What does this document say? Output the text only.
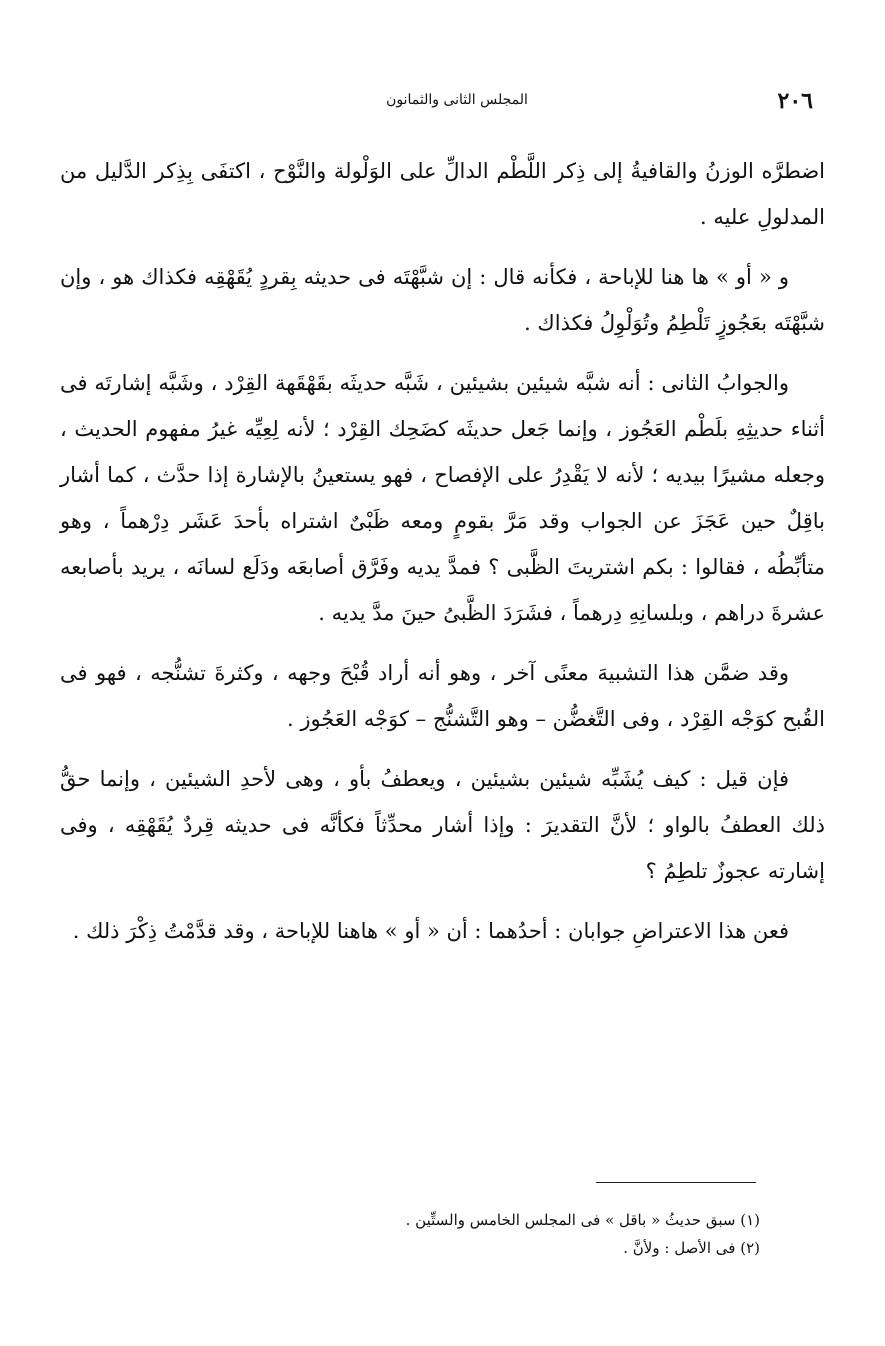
المجلس الثانى والثمانون	٢٠٦

اضطرَّه الوزنُ والقافيةُ إلى ذِكر اللَّطْم الدالِّ على الوَلْولة والنَّوْح ، اكتفَى بِذِكر الدَّليل من المدلولِ عليه .

و « أو » ها هنا للإباحة ، فكأنه قال : إن شبَّهْتَه فى حديثه بِقردٍ يُقَهْقِه فكذاك هو ، وإن شبَّهْتَه بعَجُوزٍ تَلْطِمُ وتُوَلْوِلُ فكذاك .

والجوابُ الثانى : أنه شبَّه شيئين بشيئين ، شَبَّه حديثَه بقَهْقَهة القِرْد ، وشَبَّه إشارتَه فى أثناء حديثِهِ بلَطْم العَجُوز ، وإنما جَعل حديثَه كضَحِك القِرْد ؛ لأنه لِعِيِّه غيرُ مفهوم الحديث ، وجعله مشيرًا بيديه ؛ لأنه لا يَقْدِرُ على الإفصاح ، فهو يستعينُ بالإشارة إذا حدَّث ، كما أشار باقِلٌ حين عَجَزَ عن الجواب وقد مَرَّ بقومٍ ومعه ظَبْىٌ اشتراه بأحدَ عَشَر دِرْهماً ، وهو متأبِّطُه ، فقالوا : بكم اشتريتَ الظَّبى ؟ فمدَّ يديه وفَرَّق أصابعَه ودَلَع لسانَه ، يريد بأصابعه عشرةَ دراهم ، وبلسانِهِ دِرهماً ، فشَرَدَ الظَّبىُ حينَ مدَّ يديه .

وقد ضمَّن هذا التشبيهَ معنًى آخر ، وهو أنه أراد قُبْحَ وجهه ، وكثرةَ تشنُّجه ، فهو فى القُبح كوَجْه القِرْد ، وفى التَّغضُّن – وهو التَّشنُّج – كوَجْه العَجُوز .

فإن قيل : كيف يُشَبِّه شيئين بشيئين ، ويعطفُ بأو ، وهى لأحدِ الشيئين ، وإنما حقُّ ذلك العطفُ بالواو ؛ لأنَّ التقديرَ : وإذا أشار محدِّثاً فكأنَّه فى حديثه قِردٌ يُقَهْقِه ، وفى إشارته عجوزٌ تلطِمُ ؟

فعن هذا الاعتراضِ جوابان : أحدُهما : أن « أو » هاهنا للإباحة ، وقد قدَّمْتُ ذِكْرَ ذلك .

(١) سبق حديثُ « باقل » فى المجلس الخامس والستِّين .

(٢) فى الأصل : ولأنَّ .
